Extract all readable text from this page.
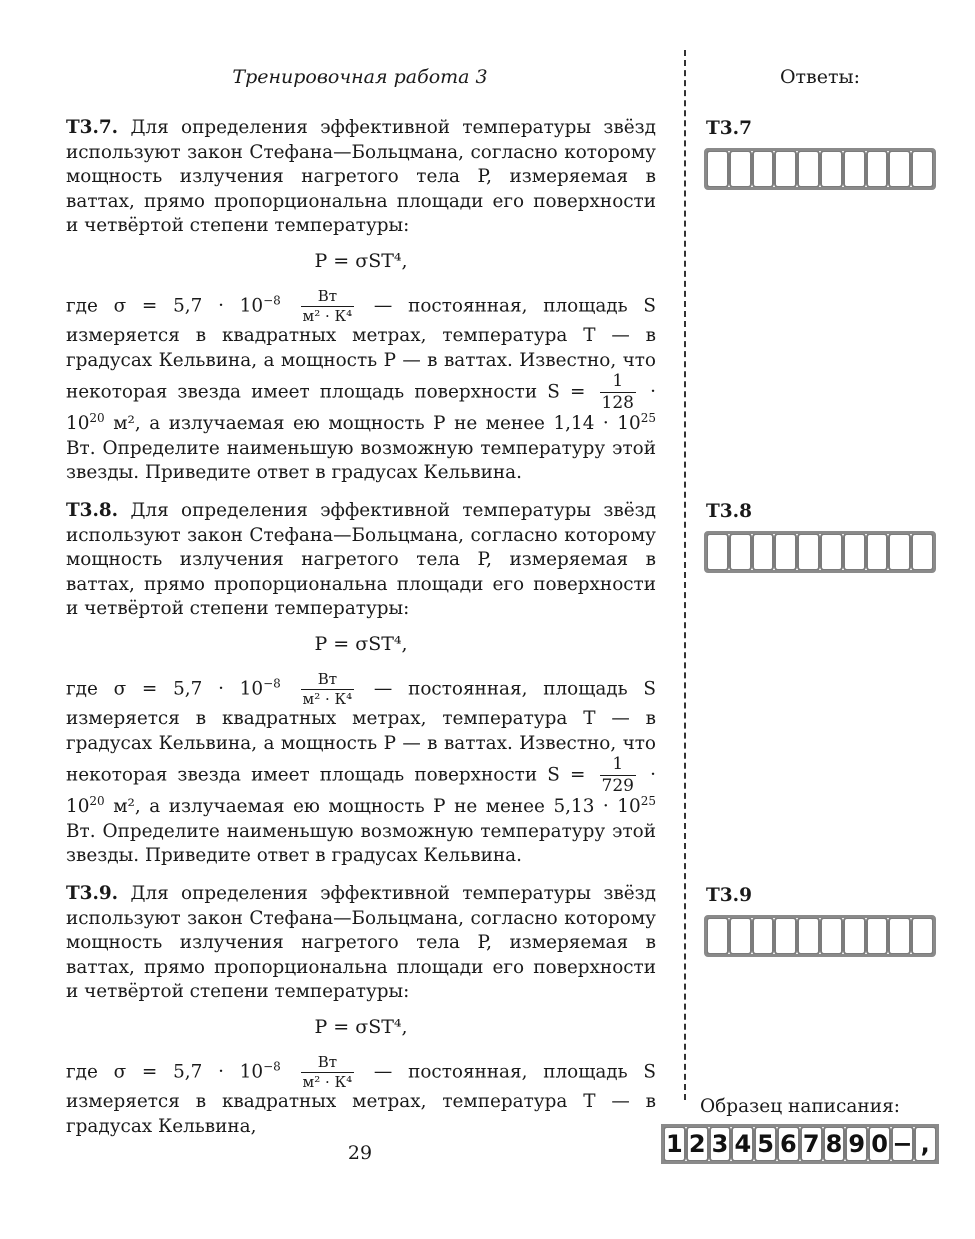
Тренировочная работа 3	Ответы:

Т3.7. Для определения эффективной температуры звёзд используют закон Стефана—Больцмана, согласно которому мощность излучения нагретого тела P, измеряемая в ваттах, прямо пропорциональна площади его поверхности и четвёртой степени температуры:

P = σST⁴,

где $\sigma = 5,7 \cdot 10^{-8} \frac{Вт}{\text{м² · К⁴}}$ — постоянная, площадь S измеряется в квадратных метрах, температура T — в градусах Кельвина, а мощность P — в ваттах. Известно, что некоторая звезда имеет площадь поверхности $S = \frac{1}{128} \cdot 10^{20}$ м², а излучаемая ею мощность P не менее $1,14 \cdot 10^{25}$ Вт. Определите наименьшую возможную температуру этой звезды. Приведите ответ в градусах Кельвина.

Т3.8. Для определения эффективной температуры звёзд используют закон Стефана—Больцмана, согласно которому мощность излучения нагретого тела P, измеряемая в ваттах, прямо пропорциональна площади его поверхности и четвёртой степени температуры:

P = σST⁴,

где $\sigma = 5,7 \cdot 10^{-8} \frac{Вт}{\text{м² · К⁴}}$ — постоянная, площадь S измеряется в квадратных метрах, температура T — в градусах Кельвина, а мощность P — в ваттах. Известно, что некоторая звезда имеет площадь поверхности $S = \frac{1}{729} \cdot 10^{20}$ м², а излучаемая ею мощность P не менее $5,13 \cdot 10^{25}$ Вт. Определите наименьшую возможную температуру этой звезды. Приведите ответ в градусах Кельвина.

Т3.9. Для определения эффективной температуры звёзд используют закон Стефана—Больцмана, согласно которому мощность излучения нагретого тела P, измеряемая в ваттах, прямо пропорциональна площади его поверхности и четвёртой степени температуры:

P = σST⁴,

где $\sigma = 5,7 \cdot 10^{-8} \frac{Вт}{\text{м² · К⁴}}$ — постоянная, площадь S измеряется в квадратных метрах, температура T — в градусах Кельвина,

29
Т3.7
Т3.8
Т3.9
Образец написания:
1 2 3 4 5 6 7 8 9 0 − ,
